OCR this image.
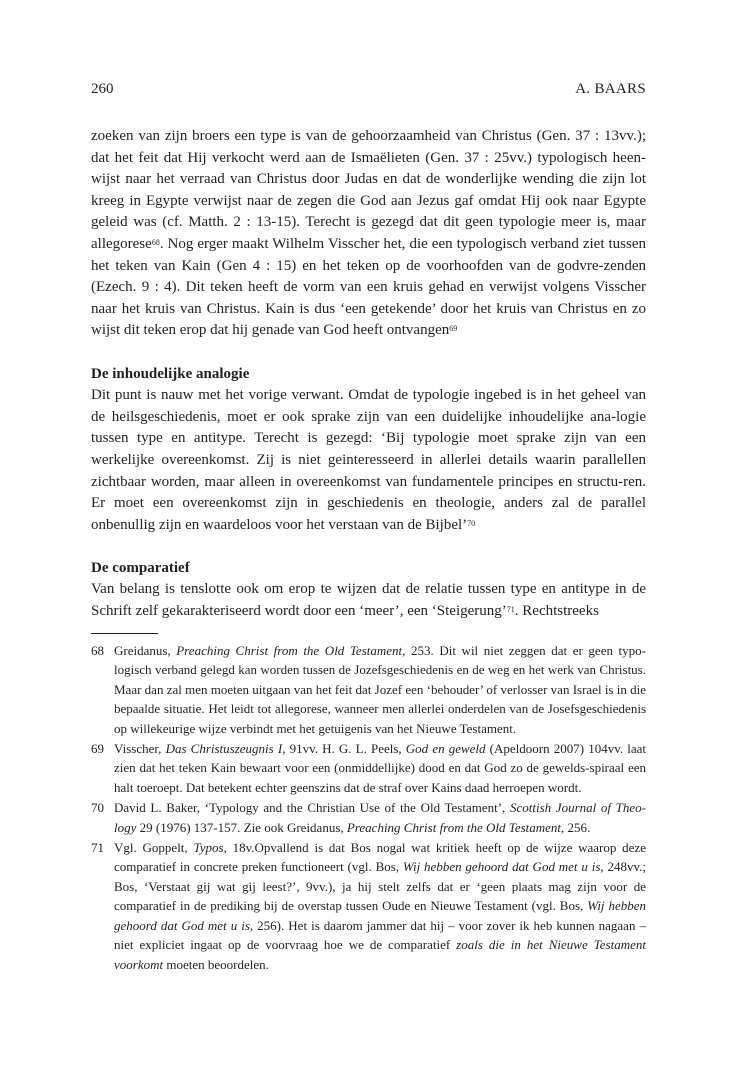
260	A. BAARS

zoeken van zijn broers een type is van de gehoorzaamheid van Christus (Gen. 37 : 13vv.); dat het feit dat Hij verkocht werd aan de Ismaëlieten (Gen. 37 : 25vv.) typologisch heen-wijst naar het verraad van Christus door Judas en dat de wonderlijke wending die zijn lot kreeg in Egypte verwijst naar de zegen die God aan Jezus gaf omdat Hij ook naar Egypte geleid was (cf. Matth. 2 : 13-15). Terecht is gezegd dat dit geen typologie meer is, maar allegorese$^{68}$. Nog erger maakt Wilhelm Visscher het, die een typologisch verband ziet tussen het teken van Kain (Gen 4 : 15) en het teken op de voorhoofden van de godvre-zenden (Ezech. 9 : 4). Dit teken heeft de vorm van een kruis gehad en verwijst volgens Visscher naar het kruis van Christus. Kain is dus ‘een getekende’ door het kruis van Christus en zo wijst dit teken erop dat hij genade van God heeft ontvangen$^{69}$

De inhoudelijke analogie

Dit punt is nauw met het vorige verwant. Omdat de typologie ingebed is in het geheel van de heilsgeschiedenis, moet er ook sprake zijn van een duidelijke inhoudelijke ana-logie tussen type en antitype. Terecht is gezegd: ‘Bij typologie moet sprake zijn van een werkelijke overeenkomst. Zij is niet geinteresseerd in allerlei details waarin parallellen zichtbaar worden, maar alleen in overeenkomst van fundamentele principes en structu-ren. Er moet een overeenkomst zijn in geschiedenis en theologie, anders zal de parallel onbenullig zijn en waardeloos voor het verstaan van de Bijbel’$^{70}$

De comparatief

Van belang is tenslotte ook om erop te wijzen dat de relatie tussen type en antitype in de Schrift zelf gekarakteriseerd wordt door een ‘meer’, een ‘Steigerung’$^{71}$. Rechtstreeks

68 Greidanus, Preaching Christ from the Old Testament, 253. Dit wil niet zeggen dat er geen typo-logisch verband gelegd kan worden tussen de Jozefsgeschiedenis en de weg en het werk van Christus. Maar dan zal men moeten uitgaan van het feit dat Jozef een ‘behouder’ of verlosser van Israel is in die bepaalde situatie. Het leidt tot allegorese, wanneer men allerlei onderdelen van de Josefsgeschiedenis op willekeurige wijze verbindt met het getuigenis van het Nieuwe Testament.
69 Visscher, Das Christuszeugnis I, 91vv. H. G. L. Peels, God en geweld (Apeldoorn 2007) 104vv. laat zien dat het teken Kain bewaart voor een (onmiddellijke) dood en dat God zo de gewelds-spiraal een halt toeroept. Dat betekent echter geenszins dat de straf over Kains daad herroepen wordt.
70 David L. Baker, ‘Typology and the Christian Use of the Old Testament’, Scottish Journal of Theo-logy 29 (1976) 137-157. Zie ook Greidanus, Preaching Christ from the Old Testament, 256.
71 Vgl. Goppelt, Typos, 18v.Opvallend is dat Bos nogal wat kritiek heeft op de wijze waarop deze comparatief in concrete preken functioneert (vgl. Bos, Wij hebben gehoord dat God met u is, 248vv.; Bos, ‘Verstaat gij wat gij leest?’, 9vv.), ja hij stelt zelfs dat er ‘geen plaats mag zijn voor de comparatief in de prediking bij de overstap tussen Oude en Nieuwe Testament (vgl. Bos, Wij hebben gehoord dat God met u is, 256). Het is daarom jammer dat hij – voor zover ik heb kunnen nagaan – niet expliciet ingaat op de voorvraag hoe we de comparatief zoals die in het Nieuwe Testament voorkomt moeten beoordelen.
